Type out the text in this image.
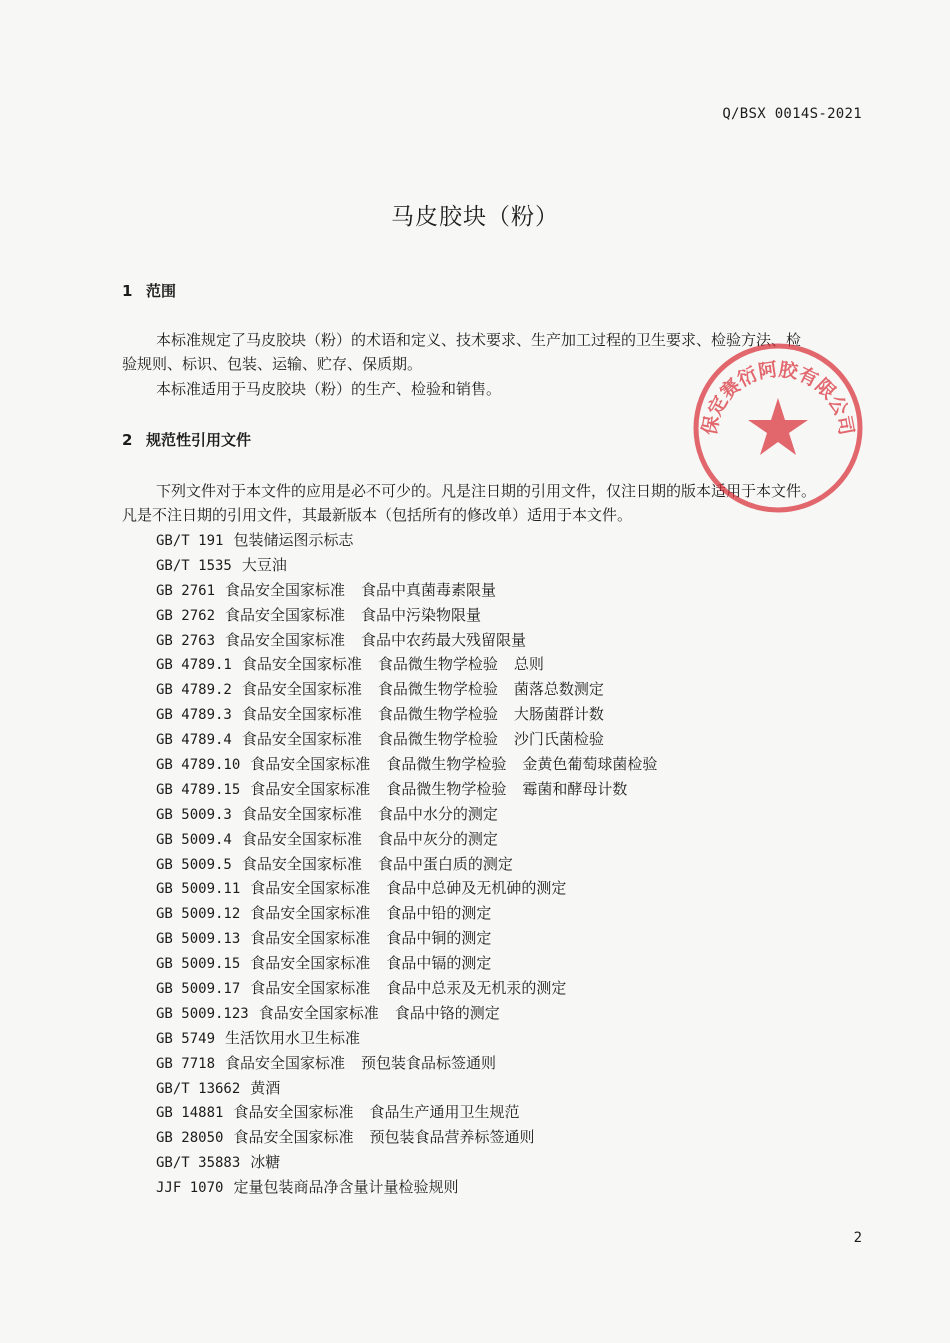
Q/BSX 0014S-2021
马皮胶块（粉）
1 范围
本标准规定了马皮胶块（粉）的术语和定义、技术要求、生产加工过程的卫生要求、检验方法、检
验规则、标识、包装、运输、贮存、保质期。
本标准适用于马皮胶块（粉）的生产、检验和销售。
2 规范性引用文件
下列文件对于本文件的应用是必不可少的。凡是注日期的引用文件，仅注日期的版本适用于本文件。
凡是不注日期的引用文件，其最新版本（包括所有的修改单）适用于本文件。
GB/T 191 包装储运图示标志
GB/T 1535 大豆油
GB 2761 食品安全国家标准 食品中真菌毒素限量
GB 2762 食品安全国家标准 食品中污染物限量
GB 2763 食品安全国家标准 食品中农药最大残留限量
GB 4789.1 食品安全国家标准 食品微生物学检验 总则
GB 4789.2 食品安全国家标准 食品微生物学检验 菌落总数测定
GB 4789.3 食品安全国家标准 食品微生物学检验 大肠菌群计数
GB 4789.4 食品安全国家标准 食品微生物学检验 沙门氏菌检验
GB 4789.10 食品安全国家标准 食品微生物学检验 金黄色葡萄球菌检验
GB 4789.15 食品安全国家标准 食品微生物学检验 霉菌和酵母计数
GB 5009.3 食品安全国家标准 食品中水分的测定
GB 5009.4 食品安全国家标准 食品中灰分的测定
GB 5009.5 食品安全国家标准 食品中蛋白质的测定
GB 5009.11 食品安全国家标准 食品中总砷及无机砷的测定
GB 5009.12 食品安全国家标准 食品中铅的测定
GB 5009.13 食品安全国家标准 食品中铜的测定
GB 5009.15 食品安全国家标准 食品中镉的测定
GB 5009.17 食品安全国家标准 食品中总汞及无机汞的测定
GB 5009.123 食品安全国家标准 食品中铬的测定
GB 5749 生活饮用水卫生标准
GB 7718 食品安全国家标准 预包装食品标签通则
GB/T 13662 黄酒
GB 14881 食品安全国家标准 食品生产通用卫生规范
GB 28050 食品安全国家标准 预包装食品营养标签通则
GB/T 35883 冰糖
JJF 1070 定量包装商品净含量计量检验规则
保定赛衍阿胶有限公司
2
